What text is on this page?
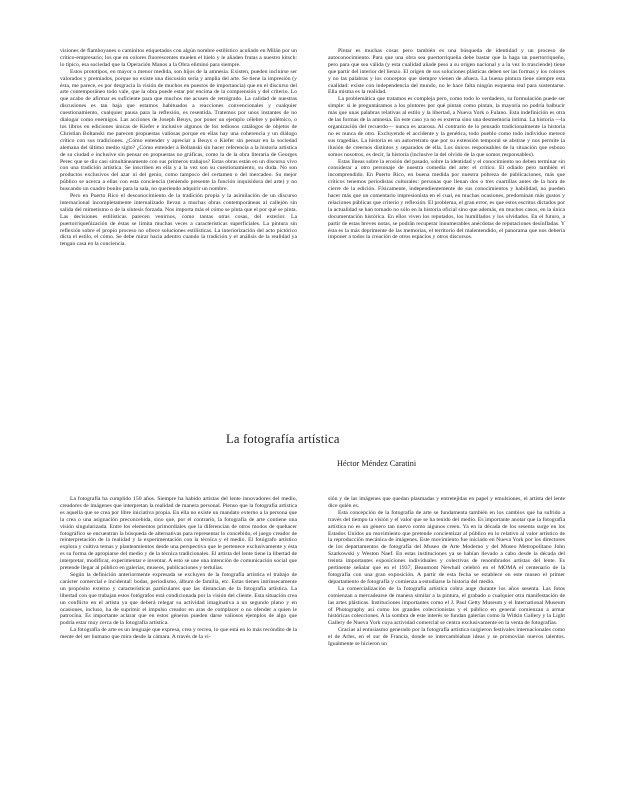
visiones de flamboyanes o caminitos etiquetados con algún nombre estilístico acuñado en Milán por un crítico-empresario; los que en colores fluorescentes muelen el hielo y le añaden frutas a nuestro kitsch: lo típico, esa sociedad que la Operación Manos a la Obra eliminó para siempre.

Estos prototipos, en mayor o menor medida, son hijos de la amnesia. Existen, pueden incluirse ser valorados y premiados, porque no existe una discusión seria y amplia del arte. Se tiene la impresión (y ésta, me parece, es por desgracia la visión de muchos en puestos de importancia) que en el discurso del arte contemporáneo todo vale, que la obra puede estar por encima de la comprensión y del criterio. Lo que acabo de afirmar es suficiente para que muchos me acusen de retrógrado. La calidad de nuestras discusiones es tan baja que estamos habituados a reacciones convencionales y cualquier cuestionamiento, cualquier pausa para la reflexión, es resentida. Tratemos por unos instantes de no dialogar como enemigos. Las acciones de Joseph Beuys, por poner un ejemplo célebre y polémico, o los libros en ediciones únicas de Kiefer e inclusive algunos de los tediosos catálogos de objetos de Christian Boltanski me parecen propuestas valiosas porque en ellas hay una coherencia y un diálogo crítico con sus tradiciones. ¿Cómo entender y apreciar a Beuys o Kiefer sin pensar en la sociedad alemana del último medio siglo? ¿Cómo entender a Boltanski sin hacer referencia a la historia artística de su ciudad e inclusive sin pensar en propuestas no gráficas, como la de la obra literaria de Georges Perec que se dio casi simultáneamente con sus primeros trabajos? Estas obras están en un discurso vivo con una tradición artística. Se inscriben en ella y a la vez son su cuestionamiento, su duda. No son productos exclusivos del azar ni del genio, como tampoco del certamen o del mercadeo. Su mejor público se acerca a ellas con esta conciencia (teniendo presente la función inquisidora del arte) y no buscando un cuadro bonito para la sala, no queriendo adquirir un nombre.

Pero en Puerto Rico el desconocimiento de la tradición propia y la asimilación de un discurso internacional incompletamente internalizado llevan a muchas obras contemporáneas al callejón sin salida del mimetismo o de la síntesis forzada. Nos importa más el cómo se pinta que el por qué se pinta. Las decisiones estilísticas parecen venirnos, como tantas otras cosas, del exterior. La puertorriqueñización de éstas se limita muchas veces a características superficiales. La pintura sin reflexión sobre el propio proceso no ofrece soluciones estilísticas. La interiorización del acto pictórico dicta el estilo, el cómo. Se debe mirar hacia adentro cuando la tradición y el análisis de la realidad ya tengan casa en la conciencia.

Pintar es muchas cosas pero también es una búsqueda de identidad y un proceso de autoconocimiento. Para que una obra sea puertorriqueña debe bastar que la haga un puertorriqueño, pero para que sea válida (y esta cualidad añade peso a su origen nacional y a la vez lo trasciende) tiene que partir del interior del lienzo. El origen de sus soluciones plásticas deben ser las formas y los colores y no las palabras y los conceptos que siempre vienen de afuera. La buena pintura tiene siempre esta cualidad: existe con independencia del mundo, no le hace falta ningún esquema real para sustentarse. Ella misma es la realidad.

La problemática que tratamos es compleja pero, como todo lo verdadero, su formulación puede ser simple: si le preguntáramos a los pintores por qué pintan como pintan, la mayoría no podría balbucir más que unas palabras relativas al estilo y la libertad, a Nueva York o Fulano. Esta indefinición es otra de las formas de la amnesia. En este caso ya no es externa sino una desmemoria íntima. La historia —la organización del recuerdo— nunca es azarosa. Al contrario de lo pensado tradicionalmente la historia no es nunca de otro. Excluyendo el accidente y la genética, todo pueblo como todo individuo merece sus tragedias. La historia es un autorretrato que por su extensión temporal se abstrae y nos permite la ilusión de creernos distintos y separados de ella. Los únicos responsables de la situación que esbozo somos nosotros, es decir, la historia (inclusive la del olvido de la que somos responsables).

Estas líneas sobre la erosión del pasado, sobre la identidad y el conocimiento no deben terminar sin considerar a otro personaje de nuestra comedia del arte: el crítico. El odiado pero también el incomprendido. En Puerto Rico, en buena medida por nuestra pobreza de publicaciones, más que críticos tenemos periodistas culturales: personas que llenan dos o tres cuartillas antes de la hora de cierre de la edición. Físicamente, independientemente de sus conocimientos y habilidad, no pueden hacer más que un comentario impresionista en el cual, en muchas ocasiones, predominan más gustos y relaciones públicas que criterio y reflexión. El problema, el gran error, es que estos escritos dictados por la actualidad se han tornado no sólo en la historia oficial sino que además, en muchos casos, en la única documentación histórica. En ellos viven los reputados, los humillados y los olvidados. En el futuro, a partir de estas breves notas, se podrán recuperar innumerables anécdotas de reputaciones desinfladas. Y ésta es la más deprimente de las memorias, el territorio del malentendido, el panorama que nos debería imponer a todos la creación de otros espacios y otros discursos.

La fotografía artística
Héctor Méndez Caratini

La fotografía ha cumplido 150 años. Siempre ha habido artistas del lente innovadores del medio, creadores de imágenes que interpretan la realidad de manera personal. Pienso que la fotografía artística es aquella que se crea por libre iniciativa propia. En ella no existe un mandato externo a la persona que la crea o una asignación preconcebida, sino que, por el contrario, la fotografía de arte contiene una visión singularizada. Entre los elementos primordiales que la diferencian de otros modos de quehacer fotográfico se encuentran la búsqueda de alternativas para representar lo concebido, el juego creador de reinterpretación de la realidad y la experimentación con la técnica y el medio. El fotógrafo artístico explora y cultiva temas y planteamientos desde una perspectiva que le pertenece exclusivamente y ésta es su forma de apropiarse del medio y de la técnica tradicionales. El artista del lente tiene la libertad de interpretar, modificar, experimentar e inventar. A esto se une una intención de comunicación social que pretende llegar al público en galerías, museos, publicaciones y tertulias.

Según la definición anteriormente expresada se excluyen de la fotografía artística el trabajo de carácter comercial e incidental: bodas, periodismo, álbum de familia, etc. Estas tienen intrínsecamente un propósito externo y características particulares que las distancian de la fotografía artística. La libertad con que trabajan estos fotógrafos está condicionada por la visión del cliente. Esta situación crea un conflicto en el artista ya que deberá relegar su actividad imaginativa a un segundo plano y en ocasiones, incluso, ha de suprimir el impulso creador en aras de complacer o no ofender a quien le patrocina. Es importante aclarar que en estos géneros pueden darse valiosos ejemplos de algo que podría estar muy cerca de la fotografía artística.

La fotografía de arte es un lenguaje que expresa, crea y recrea, lo que está en lo más recóndito de la mente del ser humano que mira desde la cámara. A través de la vi-

sión y de las imágenes que quedan plasmadas y entretejidas en papel y emulsiones, el artista del lente dice quién es.

Esta concepción de la fotografía de arte se fundamenta también en los cambios que ha sufrido a través del tiempo la visión y el valor que se ha tenido del medio. Es importante anotar que la fotografía artística no es un género tan nuevo como algunos creen. Ya en la década de los sesenta surge en los Estados Unidos un movimiento que pretende concientizar al público en lo relativo al valor artístico de la reproducción mecánica de imágenes. Este movimiento fue iniciado en Nueva York por los directores de los departamentos de fotografía del Museo de Arte Moderno y del Museo Metropolitano John Szarkowski y Weston Naef. En estas instituciones ya se habían llevado a cabo desde la década del treinta importantes exposiciones individuales y colectivas de renombrados artistas del lente. Es pertinente señalar que en el 1937, Beaumont Newhall celebró en el MOMA el centenario de la fotografía con una gran exposición. A partir de esta fecha se establece en este museo el primer departamento de fotografía y comienza a estudiarse la historia del medio.

La comercialización de la fotografía artística cobra auge durante los años sesenta. Las fotos comienzan a mercadearse de manera similar a la pintura, el grabado o cualquier otra manifestación de las artes plásticas. Instituciones importantes como el J. Paul Getty Museum y el International Museum of Photography así como los grandes coleccionistas y el público en general comienzan a armar históricas colecciones. A la sombra de este interés se fundan galerías como la Witkin Gallery y la Light Gallery de Nueva York cuya actividad comercial se centra exclusivamente en la venta de fotografías.

Gracias al entusiasmo generado por la fotografía artística surgieron festivales internacionales como el de Arles, en el sur de Francia, donde se intercambiaban ideas y se promovían nuevos talentos. Igualmente se hicieron un
